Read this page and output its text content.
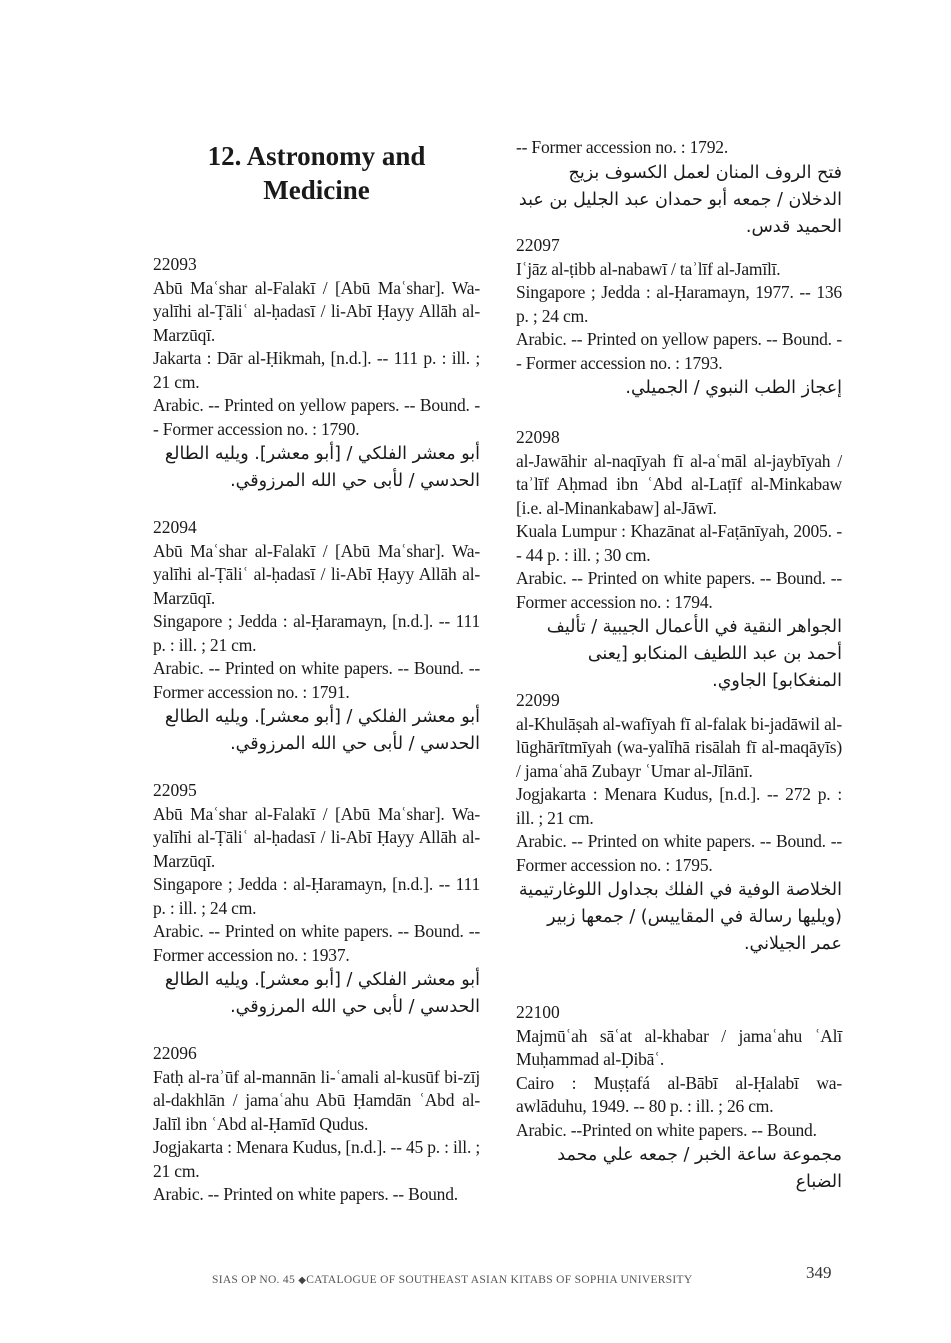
12. Astronomy and Medicine

22093

Abū Maʿshar al-Falakī / [Abū Maʿshar]. Wa-yalīhi al-Ṭāliʿ al-ḥadasī / li-Abī Ḥayy Allāh al-Marzūqī.

Jakarta : Dār al-Ḥikmah, [n.d.]. -- 111 p. : ill. ; 21 cm.

Arabic. -- Printed on yellow papers. -- Bound. -- Former accession no. : 1790.

أبو معشر الفلكي / [أبو معشر]. ويليه الطالع الحدسي / لأبى حي الله المرزوقي.

22094

Abū Maʿshar al-Falakī / [Abū Maʿshar]. Wa-yalīhi al-Ṭāliʿ al-ḥadasī / li-Abī Ḥayy Allāh al-Marzūqī.

Singapore ; Jedda : al-Ḥaramayn, [n.d.]. -- 111 p. : ill. ; 21 cm.

Arabic. -- Printed on white papers. -- Bound. -- Former accession no. : 1791.

أبو معشر الفلكي / [أبو معشر]. ويليه الطالع الحدسي / لأبى حي الله المرزوقي.

22095

Abū Maʿshar al-Falakī / [Abū Maʿshar]. Wa-yalīhi al-Ṭāliʿ al-ḥadasī / li-Abī Ḥayy Allāh al-Marzūqī.

Singapore ; Jedda : al-Ḥaramayn, [n.d.]. -- 111 p. : ill. ; 24 cm.

Arabic. -- Printed on white papers. -- Bound. -- Former accession no. : 1937.

أبو معشر الفلكي / [أبو معشر]. ويليه الطالع الحدسي / لأبى حي الله المرزوقي.

22096

Fatḥ al-raʾūf al-mannān li-ʿamali al-kusūf bi-zīj al-dakhlān / jamaʿahu Abū Ḥamdān ʿAbd al-Jalīl ibn ʿAbd al-Ḥamīd Qudus.

Jogjakarta : Menara Kudus, [n.d.]. -- 45 p. : ill. ; 21 cm.

Arabic. -- Printed on white papers. -- Bound.

-- Former accession no. : 1792.

فتح الروف المنان لعمل الكسوف بزيج الدخلان / جمعه أبو حمدان عبد الجليل بن عبد الحميد قدس.

22097

Iʿjāz al-ṭibb al-nabawī / taʾlīf al-Jamīlī.

Singapore ; Jedda : al-Ḥaramayn, 1977. -- 136 p. ; 24 cm.

Arabic. -- Printed on yellow papers. -- Bound. -- Former accession no. : 1793.

إعجاز الطب النبوي / الجميلي.

22098

al-Jawāhir al-naqīyah fī al-aʿmāl al-jaybīyah / taʾlīf Aḥmad ibn ʿAbd al-Laṭīf al-Minkabaw [i.e. al-Minankabaw] al-Jāwī.

Kuala Lumpur : Khazānat al-Faṭānīyah, 2005. -- 44 p. : ill. ; 30 cm.

Arabic. -- Printed on white papers. -- Bound. -- Former accession no. : 1794.

الجواهر النقية في الأعمال الجيبية / تأليف أحمد بن عبد اللطيف المنكابو [يعنى المنغكابو] الجاوي.

22099

al-Khulāṣah al-wafīyah fī al-falak bi-jadāwil al-lūghārītmīyah (wa-yalīhā risālah fī al-maqāyīs) / jamaʿahā Zubayr ʿUmar al-Jīlānī.

Jogjakarta : Menara Kudus, [n.d.]. -- 272 p. : ill. ; 21 cm.

Arabic. -- Printed on white papers. -- Bound. -- Former accession no. : 1795.

الخلاصة الوفية في الفلك بجداول اللوغارتيمية (ويليها رسالة في المقاييس) / جمعها زبير عمر الجيلاني.

22100

Majmūʿah sāʿat al-khabar / jamaʿahu ʿAlī Muḥammad al-Ḍibāʿ.

Cairo : Muṣṭafá al-Bābī al-Ḥalabī wa-awlāduhu, 1949. -- 80 p. : ill. ; 26 cm.

Arabic. --Printed on white papers. -- Bound.

مجموعة ساعة الخبر / جمعه علي محمد الضباع

SIAS OP NO. 45 ◆CATALOGUE OF SOUTHEAST ASIAN KITABS OF SOPHIA UNIVERSITY	349
